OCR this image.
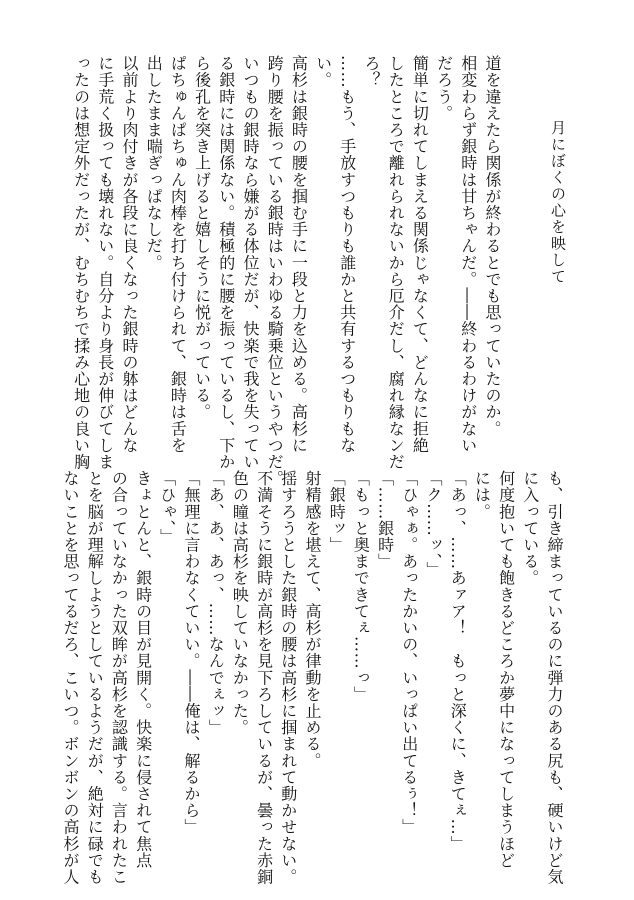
月にぼくの心を映して
道を違えたら関係が終わるとでも思っていたのか。
相変わらず銀時は甘ちゃんだ。――終わるわけがない
だろう。
簡単に切れてしまえる関係じゃなくて、どんなに拒絶
したところで離れられないから厄介だし、腐れ縁なンだ
ろ？
……もう、手放すつもりも誰かと共有するつもりもな
い。
高杉は銀時の腰を掴む手に一段と力を込める。高杉に
跨り腰を振っている銀時はいわゆる騎乗位というやつだ。
いつもの銀時なら嫌がる体位だが、快楽で我を失ってい
る銀時には関係ない。積極的に腰を振っているし、下か
ら後孔を突き上げると嬉しそうに悦がっている。
ぱちゅんぱちゅん肉棒を打ち付けられて、銀時は舌を
出したまま喘ぎっぱなしだ。
以前より肉付きが各段に良くなった銀時の躰はどんな
に手荒く扱っても壊れない。自分より身長が伸びてしま
ったのは想定外だったが、むちむちで揉み心地の良い胸
も、引き締まっているのに弾力のある尻も、硬いけど気
に入っている。
何度抱いても飽きるどころか夢中になってしまうほど
には。
「あっ、……あァア！　もっと深くに、きてぇ…」
「ク……ッ、」
「ひゃぁ。あったかいの、いっぱい出てるぅ！」
「……銀時」
「もっと奥まできてぇ……っ」
「銀時ッ」
射精感を堪えて、高杉が律動を止める。
揺すろうとした銀時の腰は高杉に掴まれて動かせない。
不満そうに銀時が高杉を見下ろしているが、曇った赤銅
色の瞳は高杉を映していなかった。
「あ、あ、あっ、……なんでぇッ」
「無理に言わなくていい。――俺は、解るから」
「ひゃ、」
きょとんと、銀時の目が見開く。快楽に侵されて焦点
の合っていなかった双眸が高杉を認識する。言われたこ
とを脳が理解しようとしているようだが、絶対に碌でも
ないことを思ってるだろ、こいつ。ボンボンの高杉が人
